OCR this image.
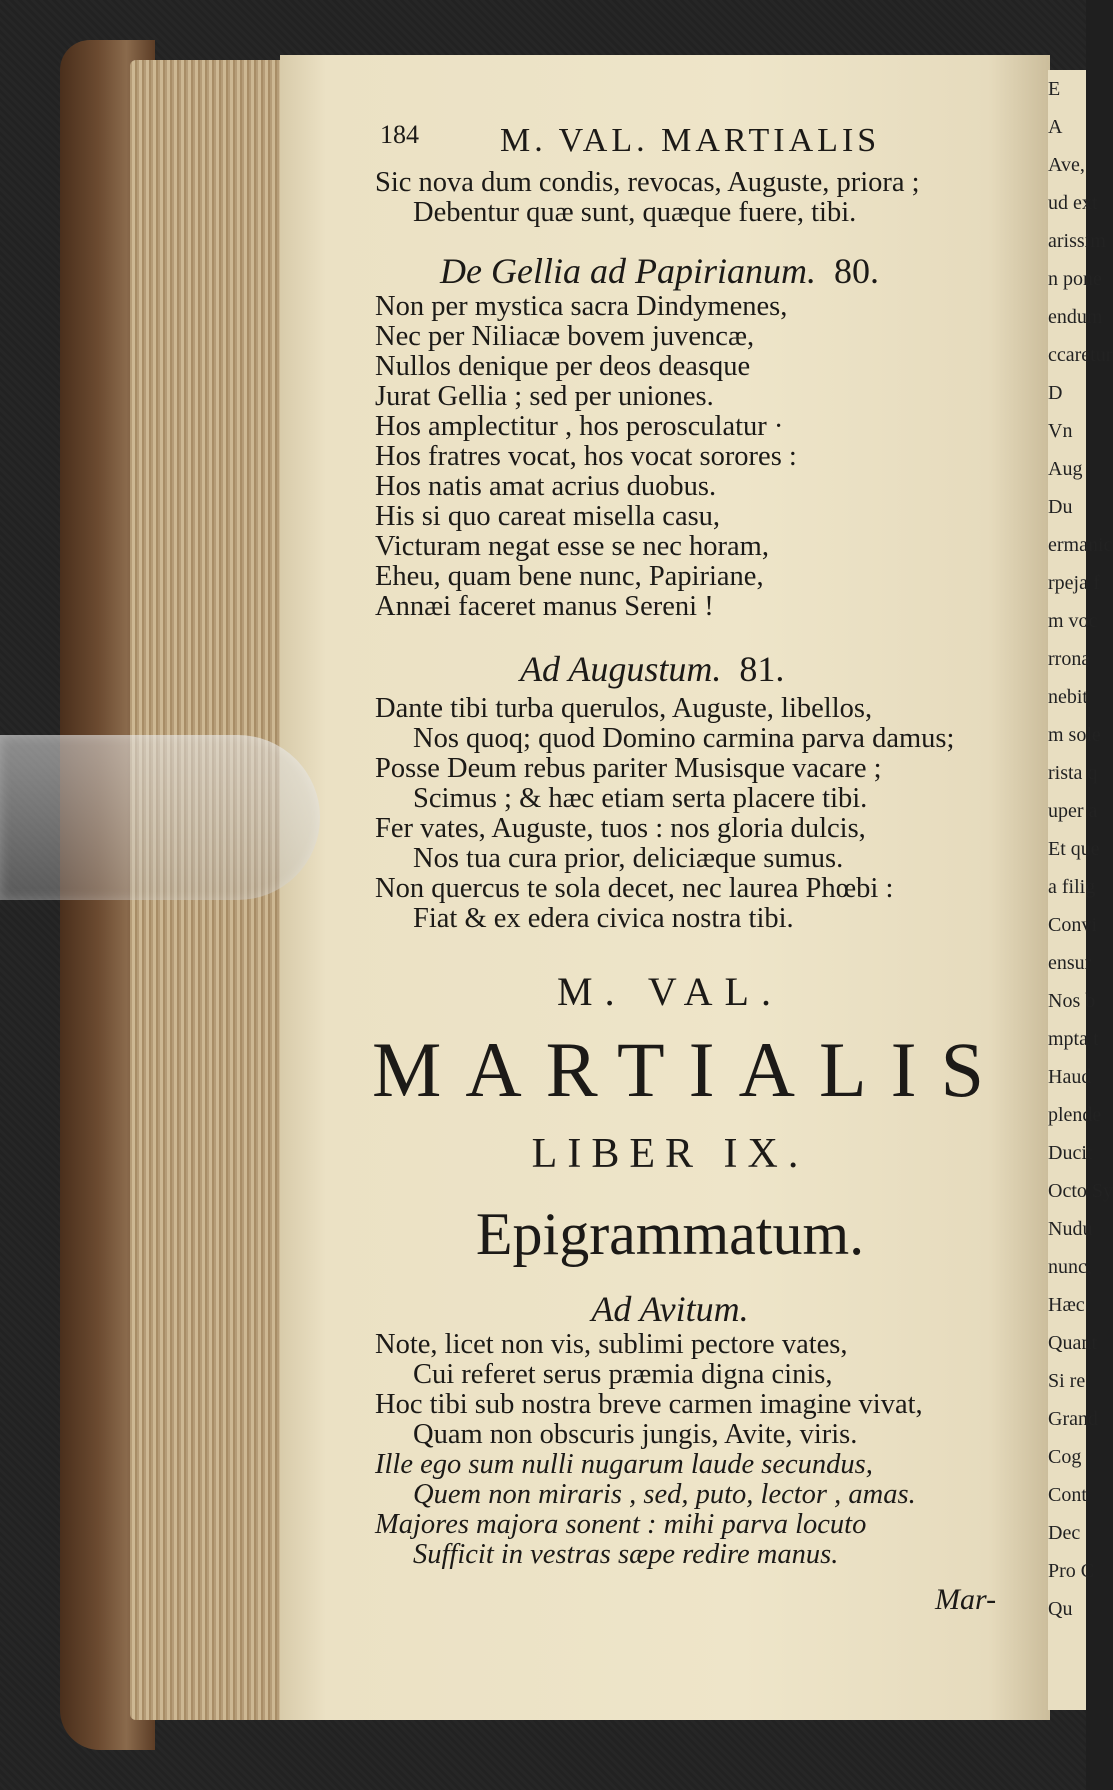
E
A
Ave,
ud ext
arissim
n pone
endum
ccaretur
D
Vn
Aug
Du
ermanic
rpeja f
m voc
rrona
nebit
m sole
rista q
uper a
Et que
a filig
Convi
ensur
Nos b
mpta t
Haud
plende
Ducit
Octo Sy
Nudu
nunc,
Hæc
Quant
Si re
Grand
Cog
Cont
Dec
Pro C
Qu
184 M. VAL. MARTIALIS
Sic nova dum condis, revocas, Auguste, priora ;
Debentur quæ sunt, quæque fuere, tibi.
De Gellia ad Papirianum. 80.
Non per mystica sacra Dindymenes,
Nec per Niliacæ bovem juvencæ,
Nullos denique per deos deasque
Jurat Gellia ; sed per uniones.
Hos amplectitur , hos perosculatur ·
Hos fratres vocat, hos vocat sorores :
Hos natis amat acrius duobus.
His si quo careat misella casu,
Victuram negat esse se nec horam,
Eheu, quam bene nunc, Papiriane,
Annæi faceret manus Sereni !
Ad Augustum. 81.
Dante tibi turba querulos, Auguste, libellos,
Nos quoq; quod Domino carmina parva damus;
Posse Deum rebus pariter Musisque vacare ;
Scimus ; & hæc etiam serta placere tibi.
Fer vates, Auguste, tuos : nos gloria dulcis,
Nos tua cura prior, deliciæque sumus.
Non quercus te sola decet, nec laurea Phœbi :
Fiat & ex edera civica nostra tibi.
M. VAL.
MARTIALIS
LIBER IX.
Epigrammatum.
Ad Avitum.
Note, licet non vis, sublimi pectore vates,
Cui referet serus præmia digna cinis,
Hoc tibi sub nostra breve carmen imagine vivat,
Quam non obscuris jungis, Avite, viris.
Ille ego sum nulli nugarum laude secundus,
Quem non miraris , sed, puto, lector , amas.
Majores majora sonent : mihi parva locuto
Sufficit in vestras sæpe redire manus.
Mar-
